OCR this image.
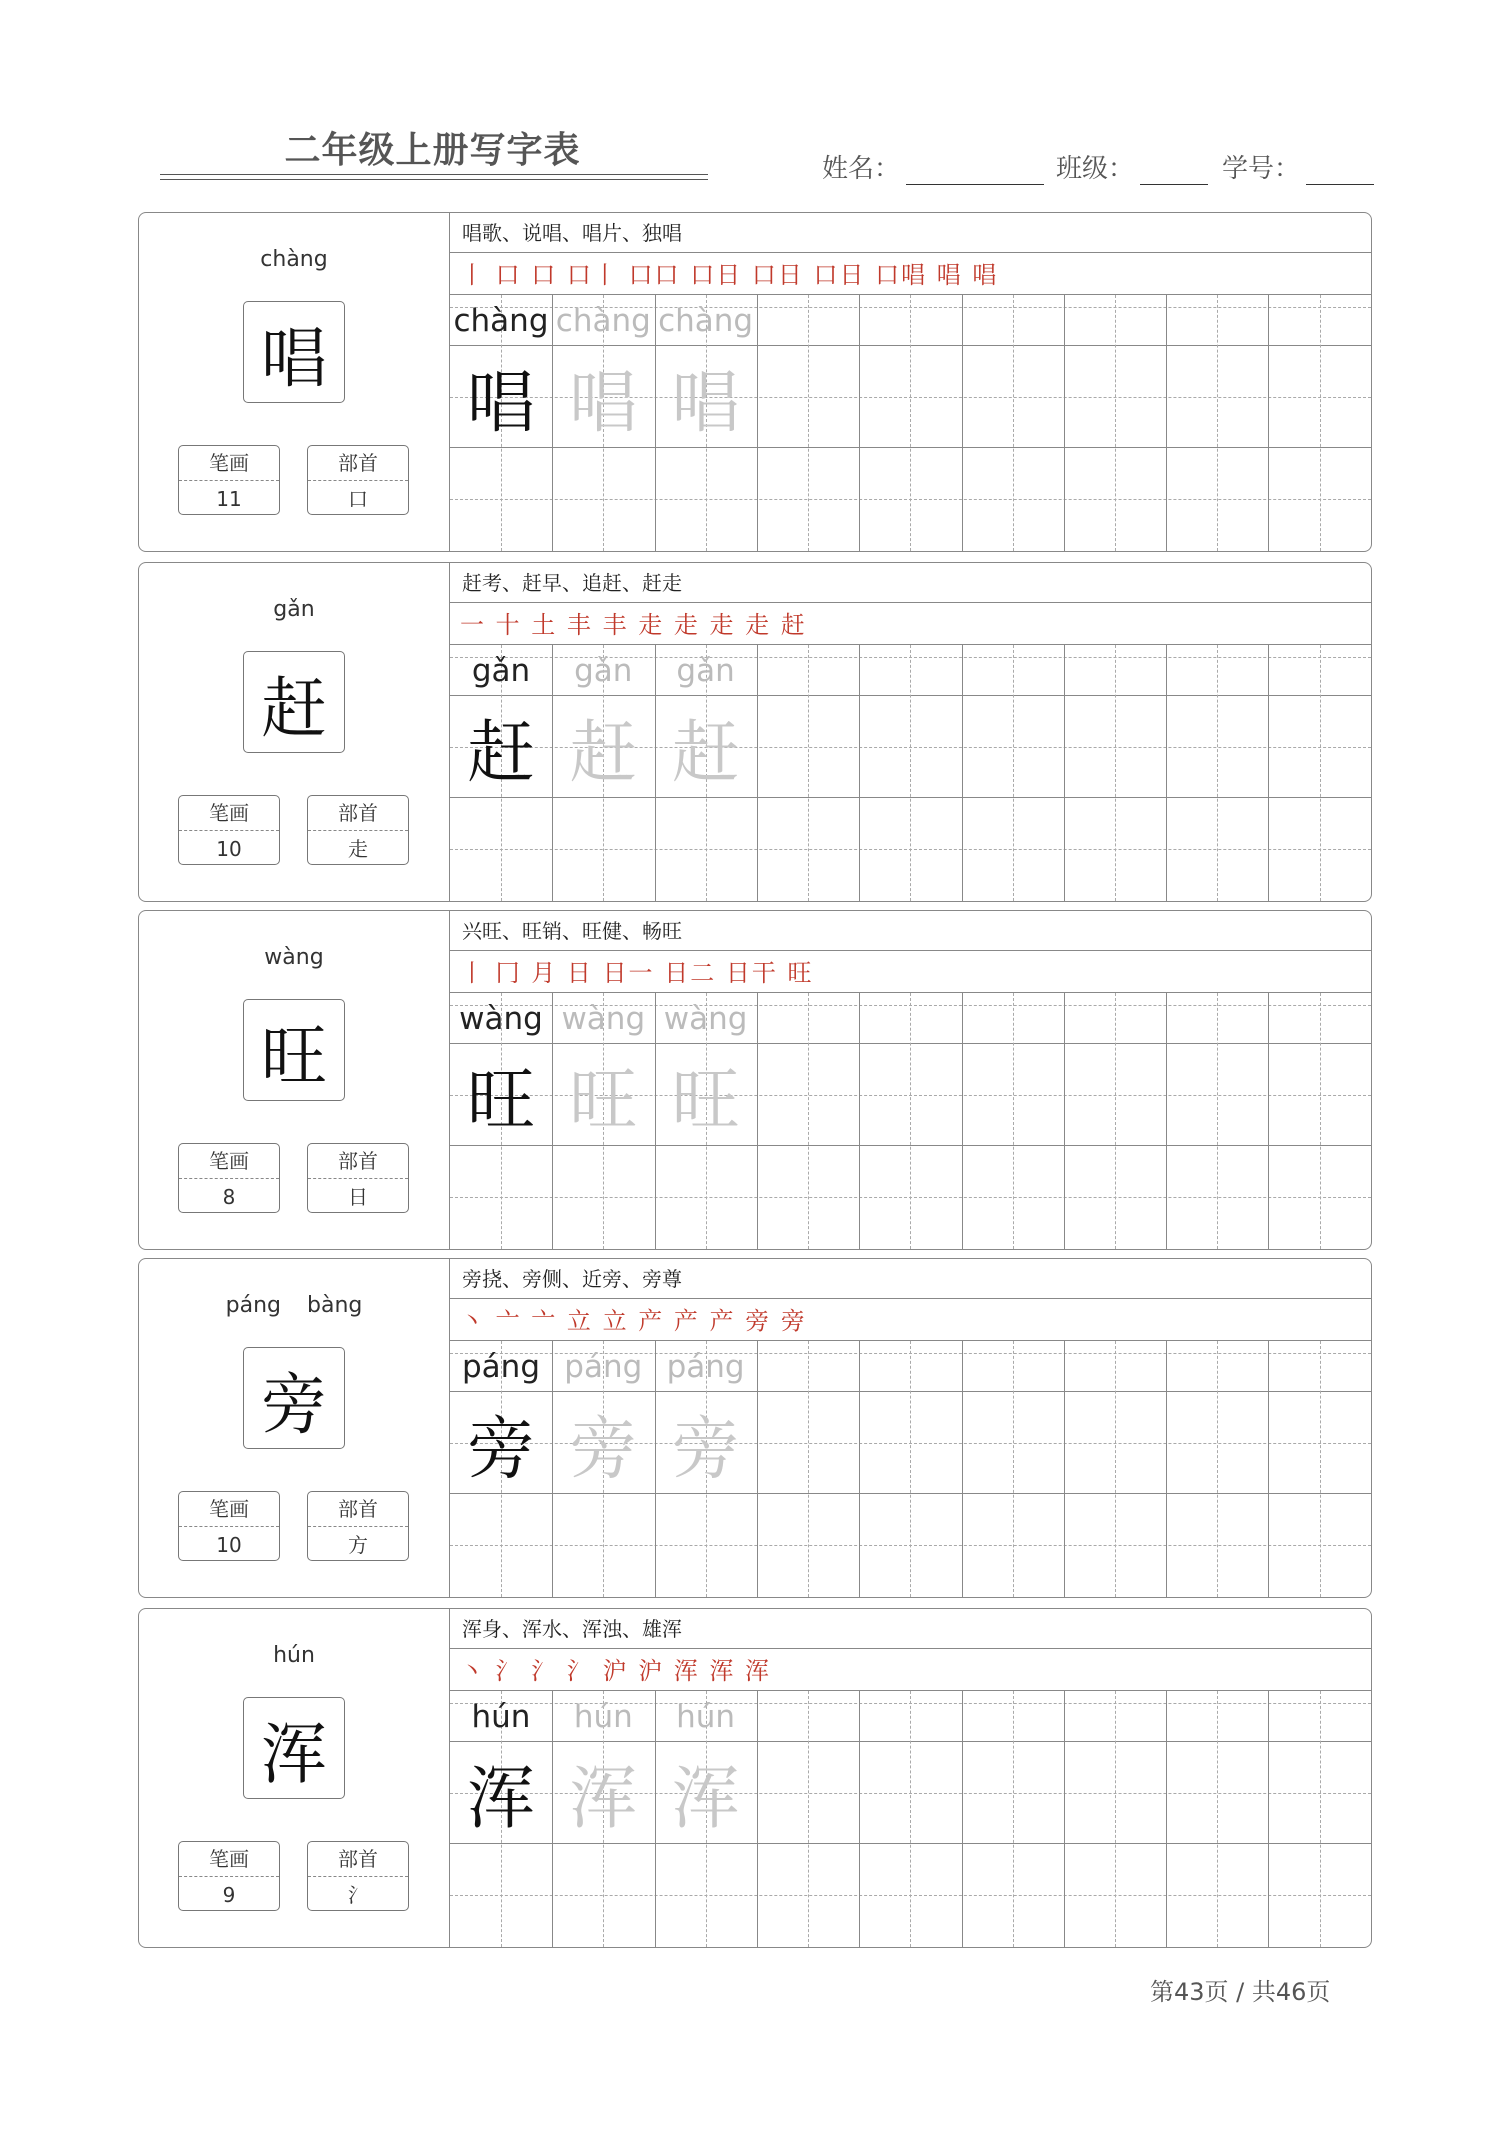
二年级上册写字表	姓名：	班级：	学号：
chàng
唱
笔画
11
部首
口
唱歌、说唱、唱片、独唱
丨 口 口 口丨 口口 口日 口日 口日 口唱 唱 唱
chàng
唱
chàng
唱
chàng
唱
gǎn
赶
笔画
10
部首
走
赶考、赶早、追赶、赶走
一 十 土 丰 丰 走 走 走 走 赶
gǎn
赶
gǎn
赶
gǎn
赶
wàng
旺
笔画
8
部首
日
兴旺、旺销、旺健、畅旺
丨 冂 月 日 日一 日二 日干 旺
wàng
旺
wàng
旺
wàng
旺
páng bàng
旁
笔画
10
部首
方
旁挠、旁侧、近旁、旁尊
丶 亠 亠 立 立 产 产 产 旁 旁
páng
旁
páng
旁
páng
旁
hún
浑
笔画
9
部首
氵
浑身、浑水、浑浊、雄浑
丶 氵 氵 氵 沪 沪 浑 浑 浑
hún
浑
hún
浑
hún
浑
第43页 / 共46页
